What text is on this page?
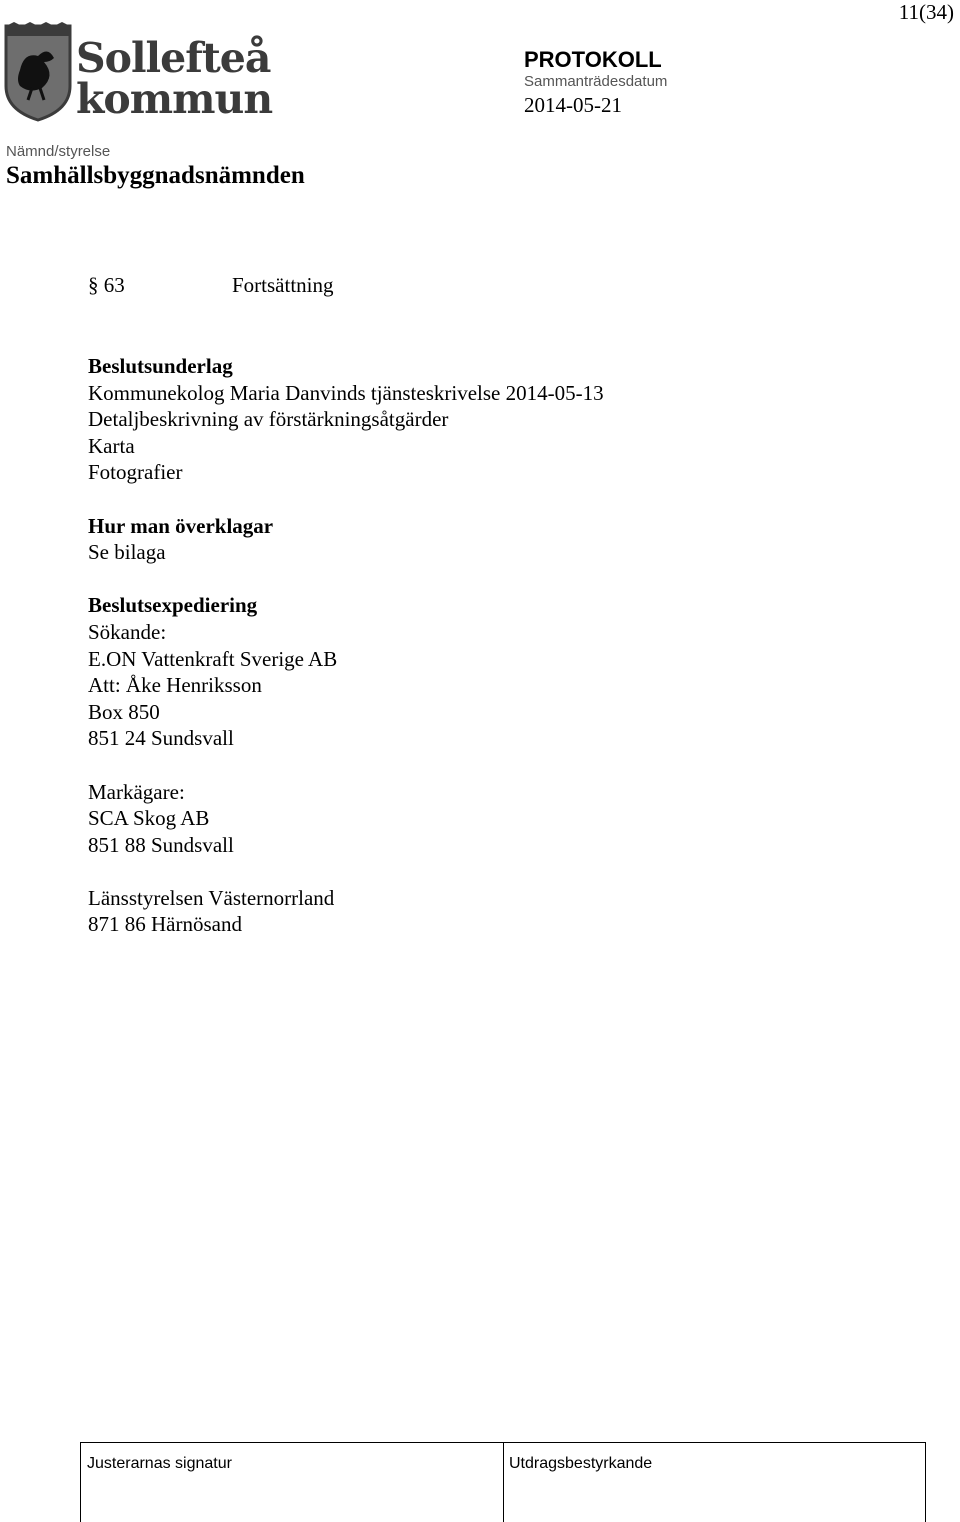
11(34)
Sollefteå
kommun
PROTOKOLL
Sammanträdesdatum
2014-05-21
Nämnd/styrelse
Samhällsbyggnadsnämnden
§ 63	Fortsättning
Beslutsunderlag
Kommunekolog Maria Danvinds tjänsteskrivelse 2014-05-13
Detaljbeskrivning av förstärkningsåtgärder
Karta
Fotografier
Hur man överklagar
Se bilaga
Beslutsexpediering
Sökande:
E.ON Vattenkraft Sverige AB
Att: Åke Henriksson
Box 850
851 24 Sundsvall
Markägare:
SCA Skog AB
851 88 Sundsvall
Länsstyrelsen Västernorrland
871 86 Härnösand
Justerarnas signatur	Utdragsbestyrkande
